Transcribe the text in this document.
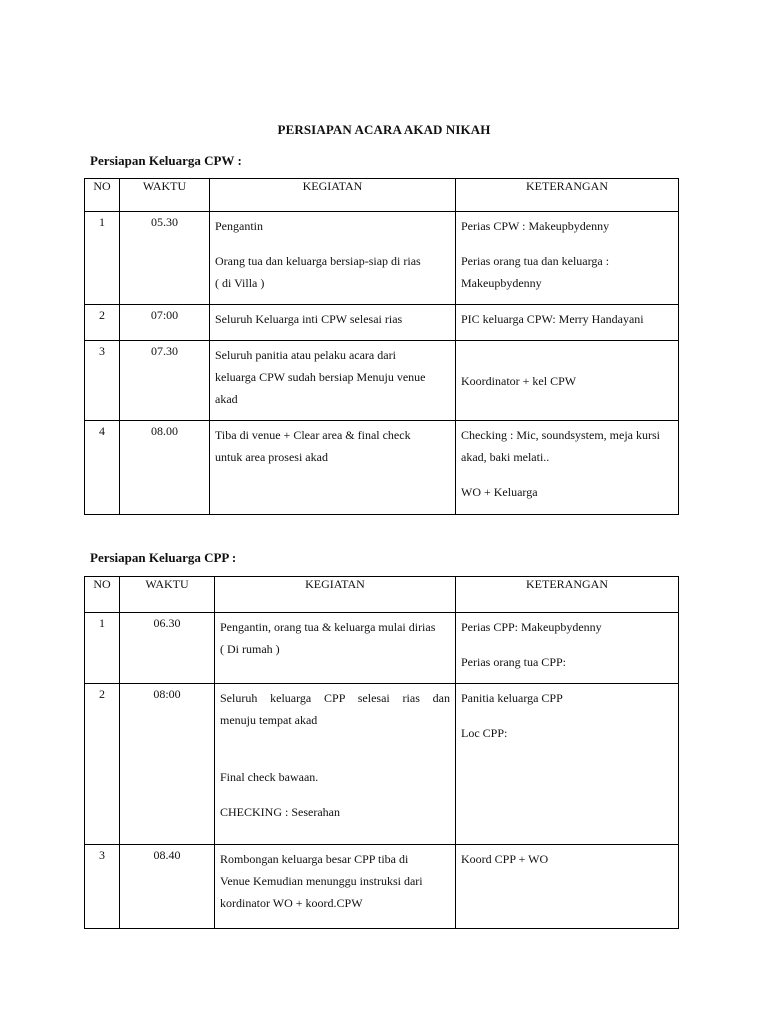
PERSIAPAN ACARA AKAD NIKAH
Persiapan Keluarga CPW :
NO	WAKTU	KEGIATAN	KETERANGAN
1	05.30	Pengantin
Orang tua dan keluarga bersiap-siap di rias
( di Villa )	Perias CPW : Makeupbydenny
Perias orang tua dan keluarga :
Makeupbydenny

2	07:00	Seluruh Keluarga inti CPW selesai rias	PIC keluarga CPW: Merry Handayani

3	07.30	Seluruh panitia atau pelaku acara dari
keluarga CPW sudah bersiap Menuju venue
akad	Koordinator + kel CPW

4	08.00	Tiba di venue + Clear area & final check
untuk area prosesi akad	Checking : Mic, soundsystem, meja kursi
akad, baki melati..
WO + Keluarga
Persiapan Keluarga CPP :
NO	WAKTU	KEGIATAN	KETERANGAN
1	06.30	Pengantin, orang tua & keluarga mulai dirias
( Di rumah )	Perias CPP: Makeupbydenny
Perias orang tua CPP:

2	08:00	Seluruh keluarga CPP selesai rias dan
menuju tempat akad
Final check bawaan.
CHECKING : Seserahan	Panitia keluarga CPP
Loc CPP:

3	08.40	Rombongan keluarga besar CPP tiba di
Venue Kemudian menunggu instruksi dari
kordinator WO + koord.CPW	Koord CPP + WO
